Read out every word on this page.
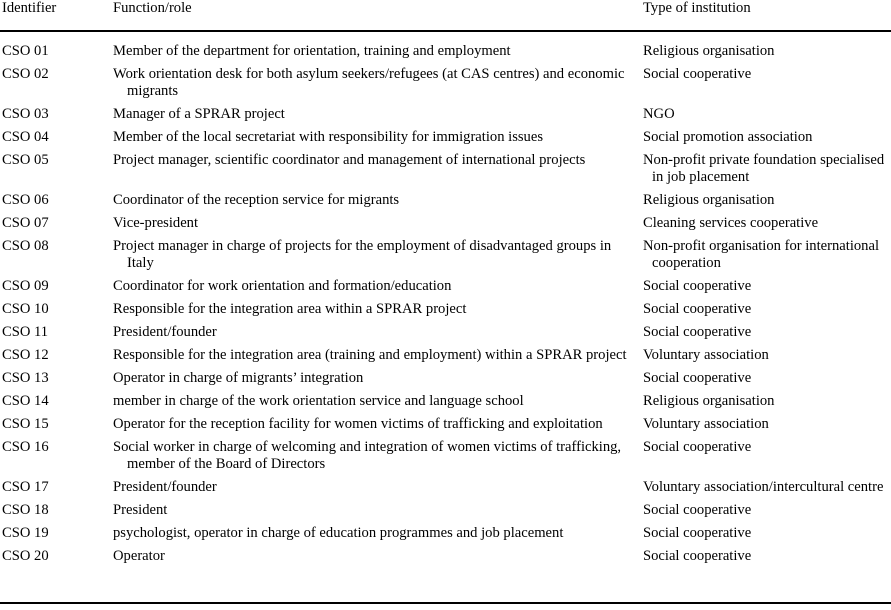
Identifier	Function/role	Type of institution
CSO 01	Member of the department for orientation, training and employment	Religious organisation
CSO 02	Work orientation desk for both asylum seekers/refugees (at CAS centres) and economic migrants	Social cooperative
CSO 03	Manager of a SPRAR project	NGO
CSO 04	Member of the local secretariat with responsibility for immigration issues	Social promotion association
CSO 05	Project manager, scientific coordinator and management of international projects	Non-profit private foundation specialised in job placement
CSO 06	Coordinator of the reception service for migrants	Religious organisation
CSO 07	Vice-president	Cleaning services cooperative
CSO 08	Project manager in charge of projects for the employment of disadvantaged groups in Italy	Non-profit organisation for international cooperation
CSO 09	Coordinator for work orientation and formation/education	Social cooperative
CSO 10	Responsible for the integration area within a SPRAR project	Social cooperative
CSO 11	President/founder	Social cooperative
CSO 12	Responsible for the integration area (training and employment) within a SPRAR project	Voluntary association
CSO 13	Operator in charge of migrants’ integration	Social cooperative
CSO 14	member in charge of the work orientation service and language school	Religious organisation
CSO 15	Operator for the reception facility for women victims of trafficking and exploitation	Voluntary association
CSO 16	Social worker in charge of welcoming and integration of women victims of trafficking, member of the Board of Directors	Social cooperative
CSO 17	President/founder	Voluntary association/intercultural centre
CSO 18	President	Social cooperative
CSO 19	psychologist, operator in charge of education programmes and job placement	Social cooperative
CSO 20	Operator	Social cooperative
